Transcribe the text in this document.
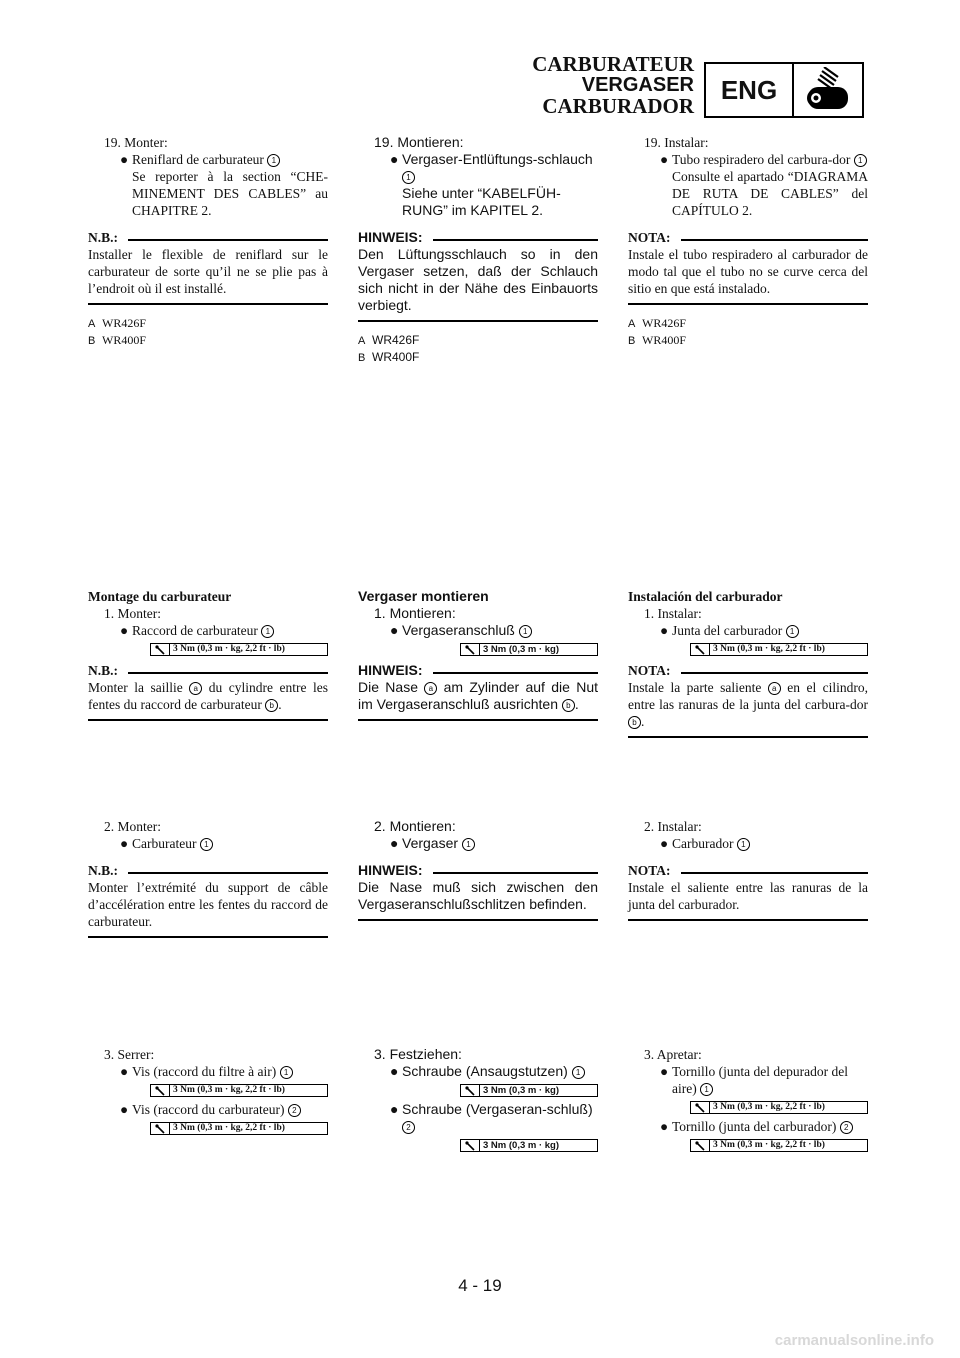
CARBURATEUR
VERGASER
CARBURADOR
ENG
19. Monter:
● Reniflard de carburateur 1
Se reporter à la section “CHE-MINEMENT DES CABLES” au CHAPITRE 2.
N.B.:
Installer le flexible de reniflard sur le carburateur de sorte qu’il ne se plie pas à l’endroit où il est installé.
A WR426F
B WR400F
Montage du carburateur
1. Monter:
● Raccord de carburateur 1
3 Nm (0,3 m · kg, 2,2 ft · lb)
N.B.:
Monter la saillie a du cylindre entre les fentes du raccord de carburateur b .
2. Monter:
● Carburateur 1
N.B.:
Monter l’extrémité du support de câble d’accélération entre les fentes du raccord de carburateur.
3. Serrer:
● Vis (raccord du filtre à air) 1
3 Nm (0,3 m · kg, 2,2 ft · lb)
● Vis (raccord du carburateur) 2
3 Nm (0,3 m · kg, 2,2 ft · lb)
19. Montieren:
● Vergaser-Entlüftungs-schlauch 1
Siehe unter “KABELFÜH-RUNG” im KAPITEL 2.
HINWEIS:
Den Lüftungsschlauch so in den Vergaser setzen, daß der Schlauch sich nicht in der Nähe des Einbauorts verbiegt.
A WR426F
B WR400F
Vergaser montieren
1. Montieren:
● Vergaseranschluß 1
3 Nm (0,3 m · kg)
HINWEIS:
Die Nase a am Zylinder auf die Nut im Vergaseranschluß ausrichten b .
2. Montieren:
● Vergaser 1
HINWEIS:
Die Nase muß sich zwischen den Vergaseranschlußschlitzen befinden.
3. Festziehen:
● Schraube (Ansaugstutzen) 1
3 Nm (0,3 m · kg)
● Schraube (Vergaseran-schluß) 2
3 Nm (0,3 m · kg)
19. Instalar:
● Tubo respiradero del carbura-dor 1
Consulte el apartado “DIAGRAMA DE RUTA DE CABLES” del CAPÍTULO 2.
NOTA:
Instale el tubo respiradero al carburador de modo tal que el tubo no se curve cerca del sitio en que está instalado.
A WR426F
B WR400F
Instalación del carburador
1. Instalar:
● Junta del carburador 1
3 Nm (0,3 m · kg, 2,2 ft · lb)
NOTA:
Instale la parte saliente a en el cilindro, entre las ranuras de la junta del carbura-dor b .
2. Instalar:
● Carburador 1
NOTA:
Instale el saliente entre las ranuras de la junta del carburador.
3. Apretar:
● Tornillo (junta del depurador del aire) 1
3 Nm (0,3 m · kg, 2,2 ft · lb)
● Tornillo (junta del carburador) 2
3 Nm (0,3 m · kg, 2,2 ft · lb)
4 - 19
carmanualsonline.info
